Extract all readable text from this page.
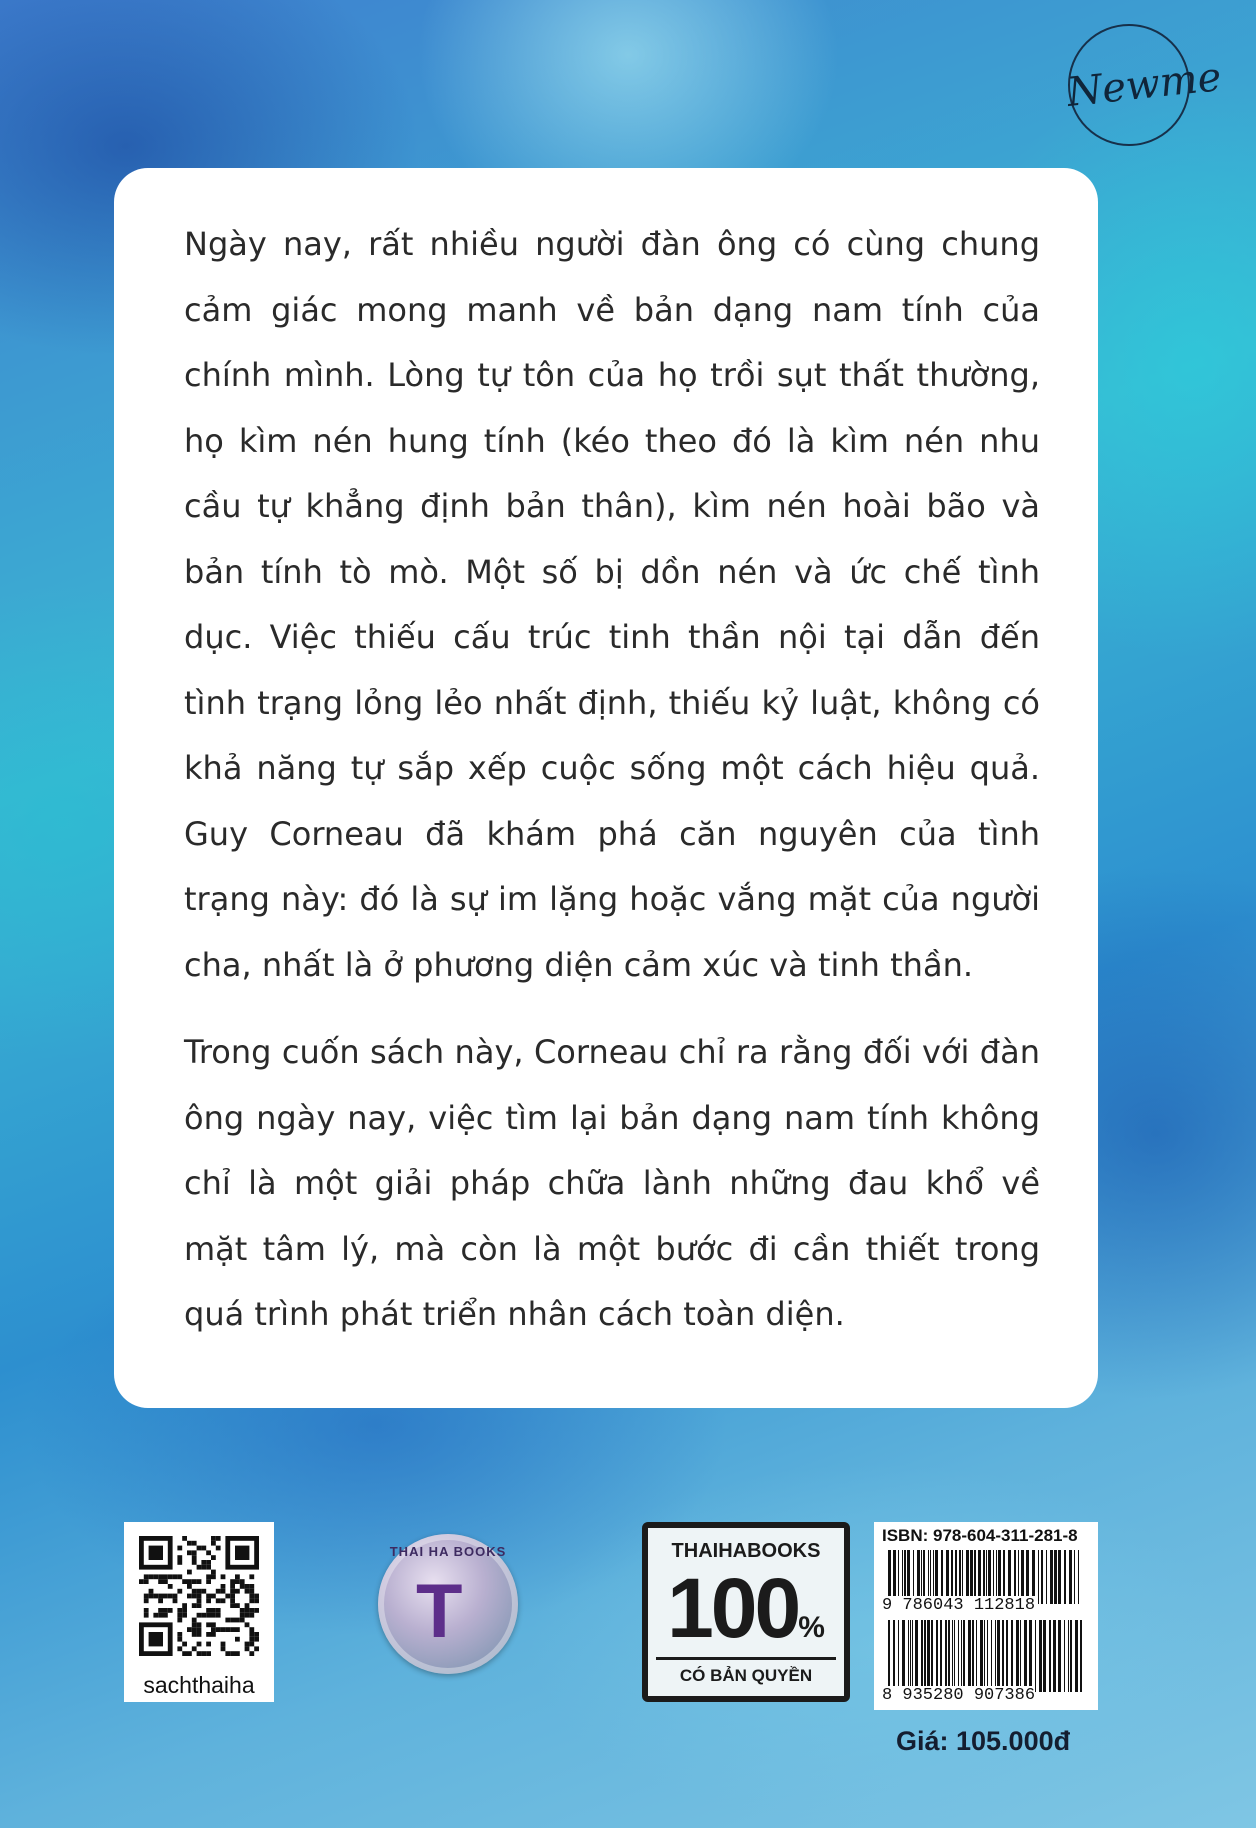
Newme

Ngày nay, rất nhiều người đàn ông có cùng chung cảm giác mong manh về bản dạng nam tính của chính mình. Lòng tự tôn của họ trồi sụt thất thường, họ kìm nén hung tính (kéo theo đó là kìm nén nhu cầu tự khẳng định bản thân), kìm nén hoài bão và bản tính tò mò. Một số bị dồn nén và ức chế tình dục. Việc thiếu cấu trúc tinh thần nội tại dẫn đến tình trạng lỏng lẻo nhất định, thiếu kỷ luật, không có khả năng tự sắp xếp cuộc sống một cách hiệu quả. Guy Corneau đã khám phá căn nguyên của tình trạng này: đó là sự im lặng hoặc vắng mặt của người cha, nhất là ở phương diện cảm xúc và tinh thần.

Trong cuốn sách này, Corneau chỉ ra rằng đối với đàn ông ngày nay, việc tìm lại bản dạng nam tính không chỉ là một giải pháp chữa lành những đau khổ về mặt tâm lý, mà còn là một bước đi cần thiết trong quá trình phát triển nhân cách toàn diện.

sachthaiha
THAI HA BOOKS
T
THAIHABOOKS
100%
CÓ BẢN QUYỀN
ISBN: 978-604-311-281-8
9 786043 112818
8 935280 907386
Giá: 105.000đ
